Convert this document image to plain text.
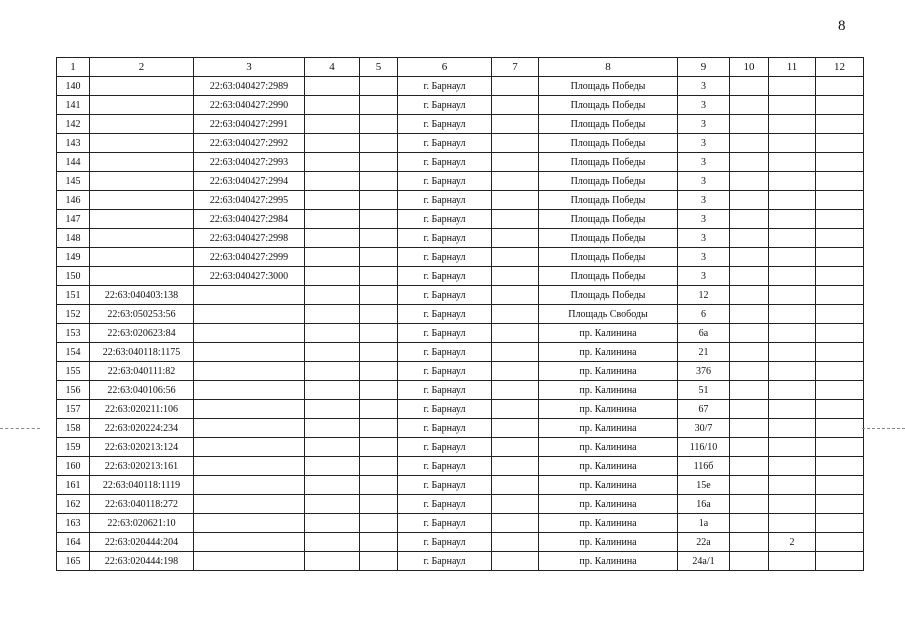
8
1	2	3	4	5	6	7	8	9	10	11	12
140		22:63:040427:2989			г. Барнаул		Площадь Победы	3			
141		22:63:040427:2990			г. Барнаул		Площадь Победы	3			
142		22:63:040427:2991			г. Барнаул		Площадь Победы	3			
143		22:63:040427:2992			г. Барнаул		Площадь Победы	3			
144		22:63:040427:2993			г. Барнаул		Площадь Победы	3			
145		22:63:040427:2994			г. Барнаул		Площадь Победы	3			
146		22:63:040427:2995			г. Барнаул		Площадь Победы	3			
147		22:63:040427:2984			г. Барнаул		Площадь Победы	3			
148		22:63:040427:2998			г. Барнаул		Площадь Победы	3			
149		22:63:040427:2999			г. Барнаул		Площадь Победы	3			
150		22:63:040427:3000			г. Барнаул		Площадь Победы	3			
151	22:63:040403:138				г. Барнаул		Площадь Победы	12			
152	22:63:050253:56				г. Барнаул		Площадь Свободы	6			
153	22:63:020623:84				г. Барнаул		пр. Калинина	6а			
154	22:63:040118:1175				г. Барнаул		пр. Калинина	21			
155	22:63:040111:82				г. Барнаул		пр. Калинина	376			
156	22:63:040106:56				г. Барнаул		пр. Калинина	51			
157	22:63:020211:106				г. Барнаул		пр. Калинина	67			
158	22:63:020224:234				г. Барнаул		пр. Калинина	30/7			
159	22:63:020213:124				г. Барнаул		пр. Калинина	116/10			
160	22:63:020213:161				г. Барнаул		пр. Калинина	116б			
161	22:63:040118:1119				г. Барнаул		пр. Калинина	15е			
162	22:63:040118:272				г. Барнаул		пр. Калинина	16а			
163	22:63:020621:10				г. Барнаул		пр. Калинина	1а			
164	22:63:020444:204				г. Барнаул		пр. Калинина	22а		2	
165	22:63:020444:198				г. Барнаул		пр. Калинина	24а/1			
